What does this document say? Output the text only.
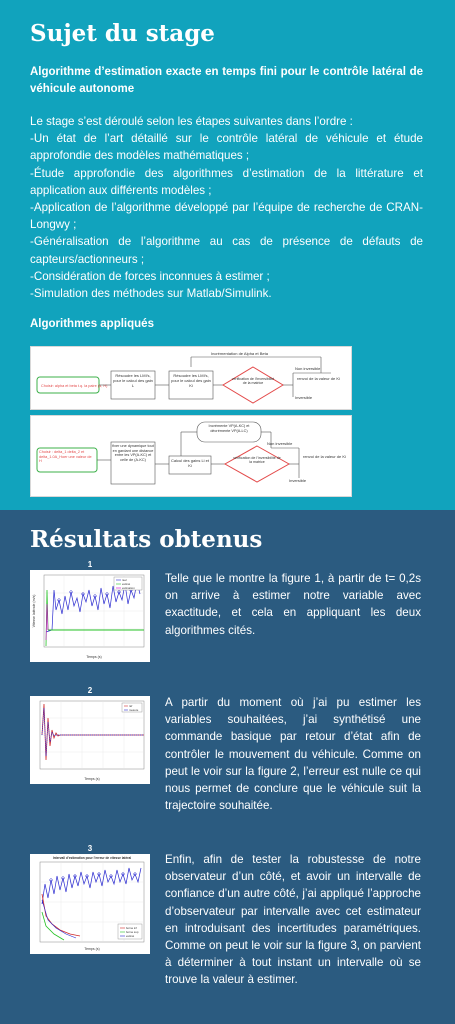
Sujet du stage
Algorithme d’estimation exacte en temps fini pour le contrôle latéral de véhicule autonome

Le stage s’est déroulé selon les étapes suivantes dans l’ordre :

-Un état de l’art détaillé sur le contrôle latéral de véhicule et étude approfondie des modèles mathématiques ;

-Étude approfondie des algorithmes d’estimation de la littérature et application aux différents modèles ;

-Application de l’algorithme développé par l’équipe de recherche de CRAN-Longwy ;

-Généralisation de l’algorithme au cas de présence de défauts de capteurs/actionneurs ;

-Considération de forces inconnues à estimer ;

-Simulation des méthodes sur Matlab/Simulink.

Algorithmes appliqués
Incrémentation de Alpha et Beta
Choisir: alpha et beta t.q. la paire (α, H)
Résoudre les LMI’s, pour le calcul des gain L
Résoudre les LMI’s, pour le calcul des gain Ki
vérification de l’inversibilité de la matrice
Non inversible
renvoi de la valeur de Ki
Inversible
Incrémente VP(A-KC) et décrémente VP(A-LC)
Choisir : delta_1 delta_2 et delta_1.0A_Hoer une valeur de H
fixer une dynamique tout en gardant une distance entre les VP(A-KC) et celle de (A-KC)	Calcul des gains Li et Ki
vérification de l’inversibilité de la matrice
Non inversible
renvoi de la valeur de Ki
Inversible
Résultats obtenus
1
réel
estimé
estimation
Temps (s)
Vitesse latérale (m/s)
Telle que le montre la figure 1, à partir de t= 0,2s on arrive à estimer notre variable avec exactitude, et cela en appliquant les deux algorithmes cités.
2
réf
mesure
Temps (s)
A partir du moment où j’ai pu estimer les variables souhaitées, j’ai synthétisé une commande basique par retour d’état afin de contrôler le mouvement du véhicule. Comme on peut le voir sur la figure 2, l’erreur est nulle ce qui nous permet de conclure que le véhicule suit la trajectoire souhaitée.
3
Intervall d’estimation pour l’erreur de vitesse latéral
borne inf
borne sup
estimé
Temps (s)
Enfin, afin de tester la robustesse de notre observateur d’un côté, et avoir un intervalle de confiance d’un autre côté, j’ai appliqué l’approche d’observateur par intervalle avec cet estimateur en introduisant des incertitudes paramétriques. Comme on peut le voir sur la figure 3, on parvient à déterminer à tout instant un intervalle où se trouve la valeur à estimer.
